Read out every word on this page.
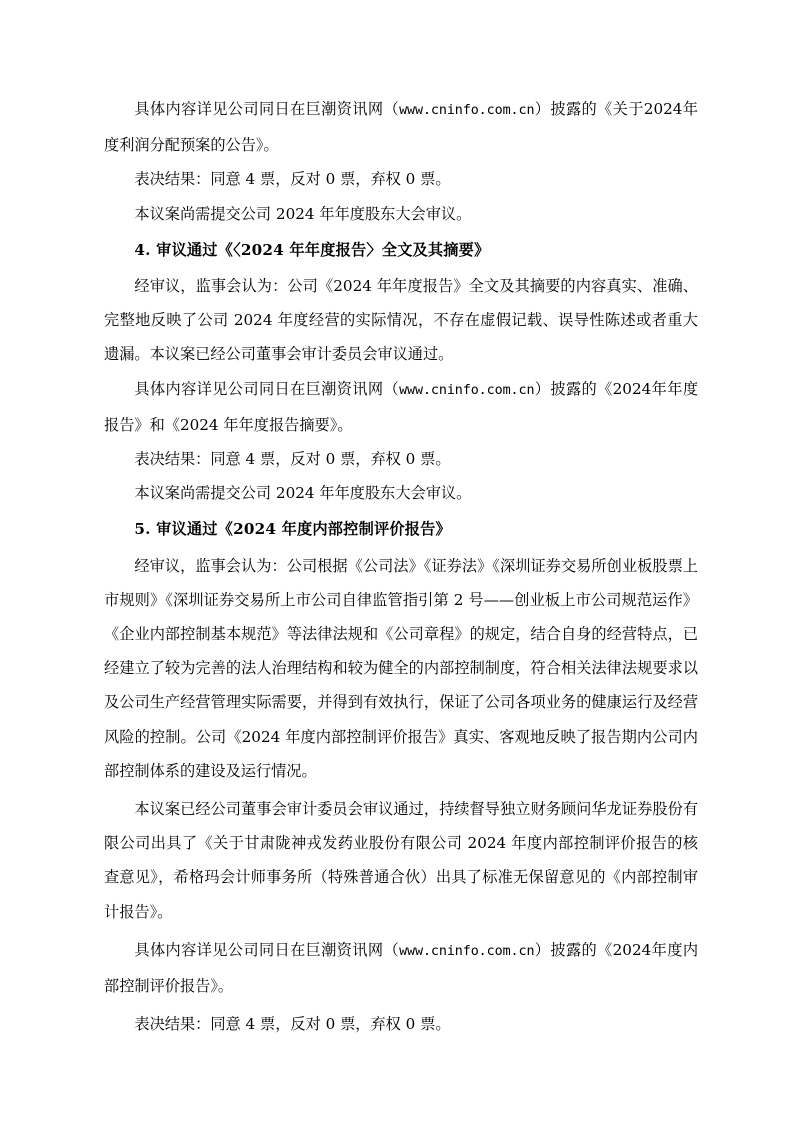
具体内容详见公司同日在巨潮资讯网（www.cninfo.com.cn）披露的《关于2024年度利润分配预案的公告》。

表决结果：同意 4 票，反对 0 票，弃权 0 票。

本议案尚需提交公司 2024 年年度股东大会审议。

4. 审议通过《〈2024 年年度报告〉全文及其摘要》

经审议，监事会认为：公司《2024 年年度报告》全文及其摘要的内容真实、准确、完整地反映了公司 2024 年度经营的实际情况，不存在虚假记载、误导性陈述或者重大遗漏。本议案已经公司董事会审计委员会审议通过。

具体内容详见公司同日在巨潮资讯网（www.cninfo.com.cn）披露的《2024年年度报告》和《2024 年年度报告摘要》。

表决结果：同意 4 票，反对 0 票，弃权 0 票。

本议案尚需提交公司 2024 年年度股东大会审议。

5. 审议通过《2024 年度内部控制评价报告》

经审议，监事会认为：公司根据《公司法》《证券法》《深圳证券交易所创业板股票上市规则》《深圳证券交易所上市公司自律监管指引第 2 号——创业板上市公司规范运作》《企业内部控制基本规范》等法律法规和《公司章程》的规定，结合自身的经营特点，已经建立了较为完善的法人治理结构和较为健全的内部控制制度，符合相关法律法规要求以及公司生产经营管理实际需要，并得到有效执行，保证了公司各项业务的健康运行及经营风险的控制。公司《2024 年度内部控制评价报告》真实、客观地反映了报告期内公司内部控制体系的建设及运行情况。

本议案已经公司董事会审计委员会审议通过，持续督导独立财务顾问华龙证券股份有限公司出具了《关于甘肃陇神戎发药业股份有限公司 2024 年度内部控制评价报告的核查意见》，希格玛会计师事务所（特殊普通合伙）出具了标准无保留意见的《内部控制审计报告》。

具体内容详见公司同日在巨潮资讯网（www.cninfo.com.cn）披露的《2024年度内部控制评价报告》。

表决结果：同意 4 票，反对 0 票，弃权 0 票。
